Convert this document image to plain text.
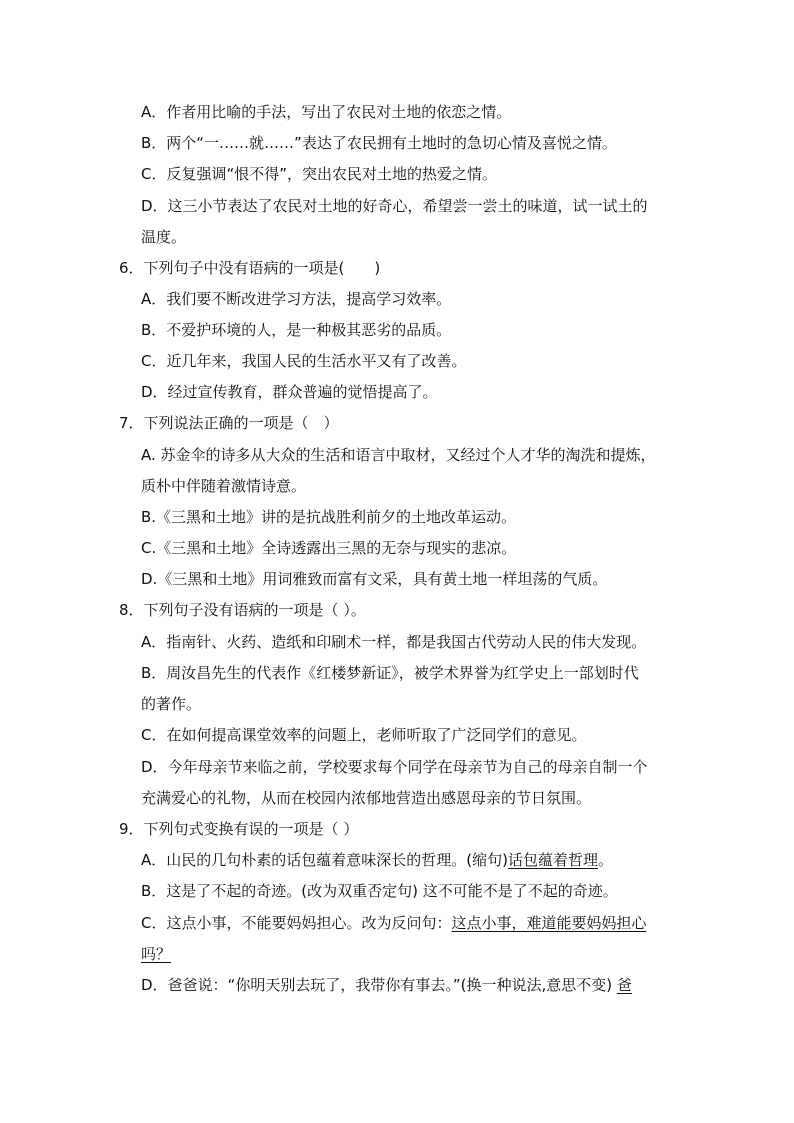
A．作者用比喻的手法，写出了农民对土地的依恋之情。
B．两个“一……就……”表达了农民拥有土地时的急切心情及喜悦之情。
C．反复强调“恨不得”，突出农民对土地的热爱之情。
D．这三小节表达了农民对土地的好奇心，希望尝一尝土的味道，试一试土的
温度。
6．下列句子中没有语病的一项是(　　)
A．我们要不断改进学习方法，提高学习效率。
B．不爱护环境的人，是一种极其恶劣的品质。
C．近几年来，我国人民的生活水平又有了改善。
D．经过宣传教育，群众普遍的觉悟提高了。
7．下列说法正确的一项是（　）
A. 苏金伞的诗多从大众的生活和语言中取材，又经过个人才华的淘洗和提炼，
质朴中伴随着激情诗意。
B.《三黑和土地》讲的是抗战胜利前夕的土地改革运动。
C.《三黑和土地》全诗透露出三黑的无奈与现实的悲凉。
D.《三黑和土地》用词雅致而富有文采，具有黄土地一样坦荡的气质。
8．下列句子没有语病的一项是（ ）。
A．指南针、火药、造纸和印刷术一样，都是我国古代劳动人民的伟大发现。
B．周汝昌先生的代表作《红楼梦新证》，被学术界誉为红学史上一部划时代
的著作。
C．在如何提高课堂效率的问题上，老师听取了广泛同学们的意见。
D．今年母亲节来临之前，学校要求每个同学在母亲节为自己的母亲自制一个
充满爱心的礼物，从而在校园内浓郁地营造出感恩母亲的节日氛围。
9．下列句式变换有误的一项是（ ）
A．山民的几句朴素的话包蕴着意味深长的哲理。(缩句)话包蕴着哲理。
B．这是了不起的奇迹。(改为双重否定句) 这不可能不是了不起的奇迹。
C．这点小事，不能要妈妈担心。改为反问句：这点小事，难道能要妈妈担心
吗？
D．爸爸说：“你明天别去玩了，我带你有事去。”(换一种说法,意思不变) 爸
